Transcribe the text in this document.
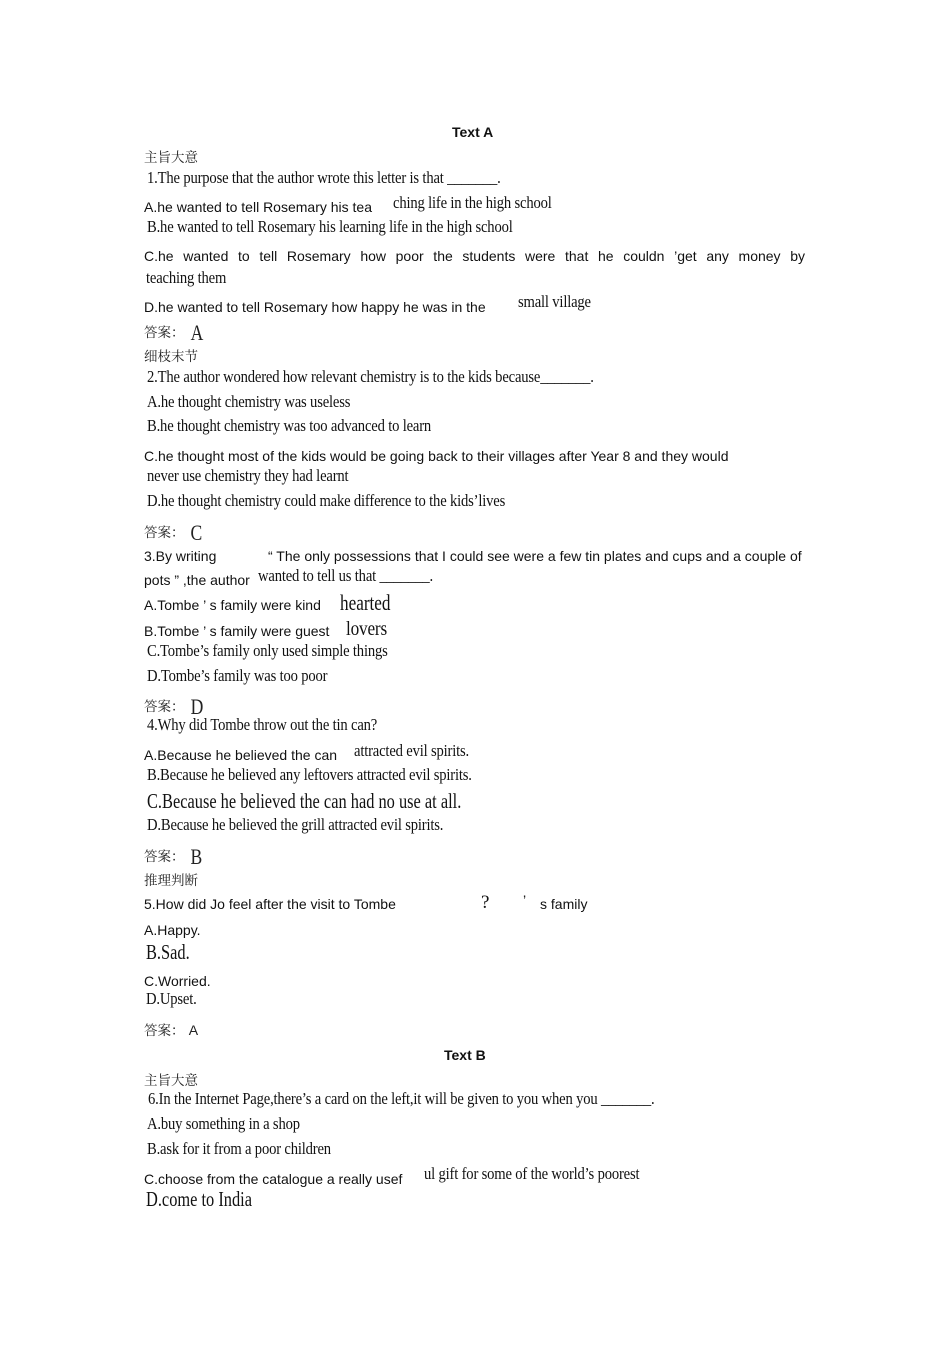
Text A
主旨大意
1.The purpose that the author wrote this letter is that _______.
A.he wanted to tell Rosemary his tea ching life in the high school
B.he wanted to tell Rosemary his learning life in the high school
C.he wanted to tell Rosemary how poor the students were that he couldn ’get any money by
teaching them
D.he wanted to tell Rosemary how happy he was in the small village
答案： A
细枝末节
2.The author wondered how relevant chemistry is to the kids because_______.
A.he thought chemistry was useless
B.he thought chemistry was too advanced to learn
C.he thought most of the kids would be going back to their villages after Year 8 and they would
never use chemistry they had learnt
D.he thought chemistry could make difference to the kids’lives
答案： C
3.By writing	“ The only possessions that I could see were a few tin plates and cups and a couple of
pots ” ,the author wanted to tell us that _______.
A.Tombe ’ s family were kind hearted
B.Tombe ’ s family were guest lovers
C.Tombe’s family only used simple things
D.Tombe’s family was too poor
答案： D
4.Why did Tombe throw out the tin can?
A.Because he believed the can attracted evil spirits.
B.Because he believed any leftovers attracted evil spirits.
C.Because he believed the can had no use at all.
D.Because he believed the grill attracted evil spirits.
答案： B
推理判断
5.How did Jo feel after the visit to Tombe	? ’ s family
A.Happy.
B.Sad.
C.Worried.
D.Upset.
答案： A
Text B
主旨大意
6.In the Internet Page,there’s a card on the left,it will be given to you when you _______.
A.buy something in a shop
B.ask for it from a poor children
C.choose from the catalogue a really usef ul gift for some of the world’s poorest
D.come to India
